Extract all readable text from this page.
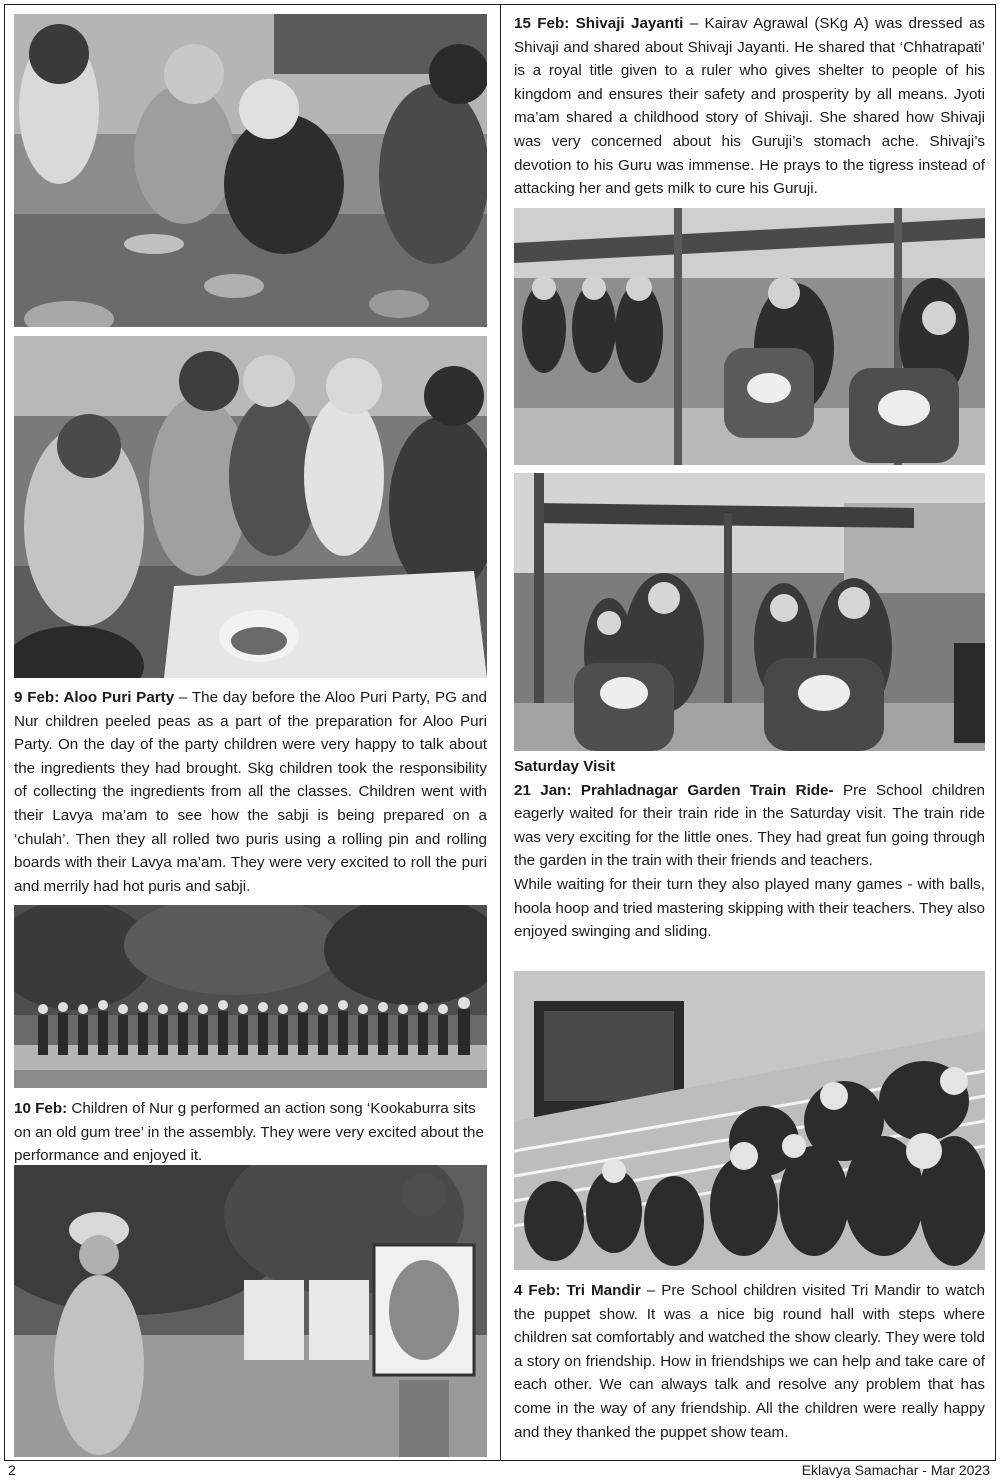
9 Feb: Aloo Puri Party – The day before the Aloo Puri Party, PG and Nur children peeled peas as a part of the preparation for Aloo Puri Party. On the day of the party children were very happy to talk about the ingredients they had brought. Skg children took the responsibility of collecting the ingredients from all the classes. Children went with their Lavya ma’am to see how the sabji is being prepared on a ‘chulah’. Then they all rolled two puris using a rolling pin and rolling boards with their Lavya ma’am. They were very excited to roll the puri and merrily had hot puris and sabji.
10 Feb: Children of Nur g performed an action song ‘Kookaburra sits on an old gum tree’ in the assembly. They were very excited about the performance and enjoyed it.
15 Feb: Shivaji Jayanti – Kairav Agrawal (SKg A) was dressed as Shivaji and shared about Shivaji Jayanti. He shared that ‘Chhatrapati’ is a royal title given to a ruler who gives shelter to people of his kingdom and ensures their safety and prosperity by all means. Jyoti ma’am shared a childhood story of Shivaji. She shared how Shivaji was very concerned about his Guruji’s stomach ache. Shivaji’s devotion to his Guru was immense. He prays to the tigress instead of attacking her and gets milk to cure his Guruji.
Saturday Visit
21 Jan: Prahladnagar Garden Train Ride- Pre School children eagerly waited for their train ride in the Saturday visit. The train ride was very exciting for the little ones. They had great fun going through the garden in the train with their friends and teachers.
While waiting for their turn they also played many games - with balls, hoola hoop and tried mastering skipping with their teachers. They also enjoyed swinging and sliding.
4 Feb: Tri Mandir – Pre School children visited Tri Mandir to watch the puppet show. It was a nice big round hall with steps where children sat comfortably and watched the show clearly. They were told a story on friendship. How in friendships we can help and take care of each other. We can always talk and resolve any problem that has come in the way of any friendship. All the children were really happy and they thanked the puppet show team.
2	Eklavya Samachar - Mar 2023
